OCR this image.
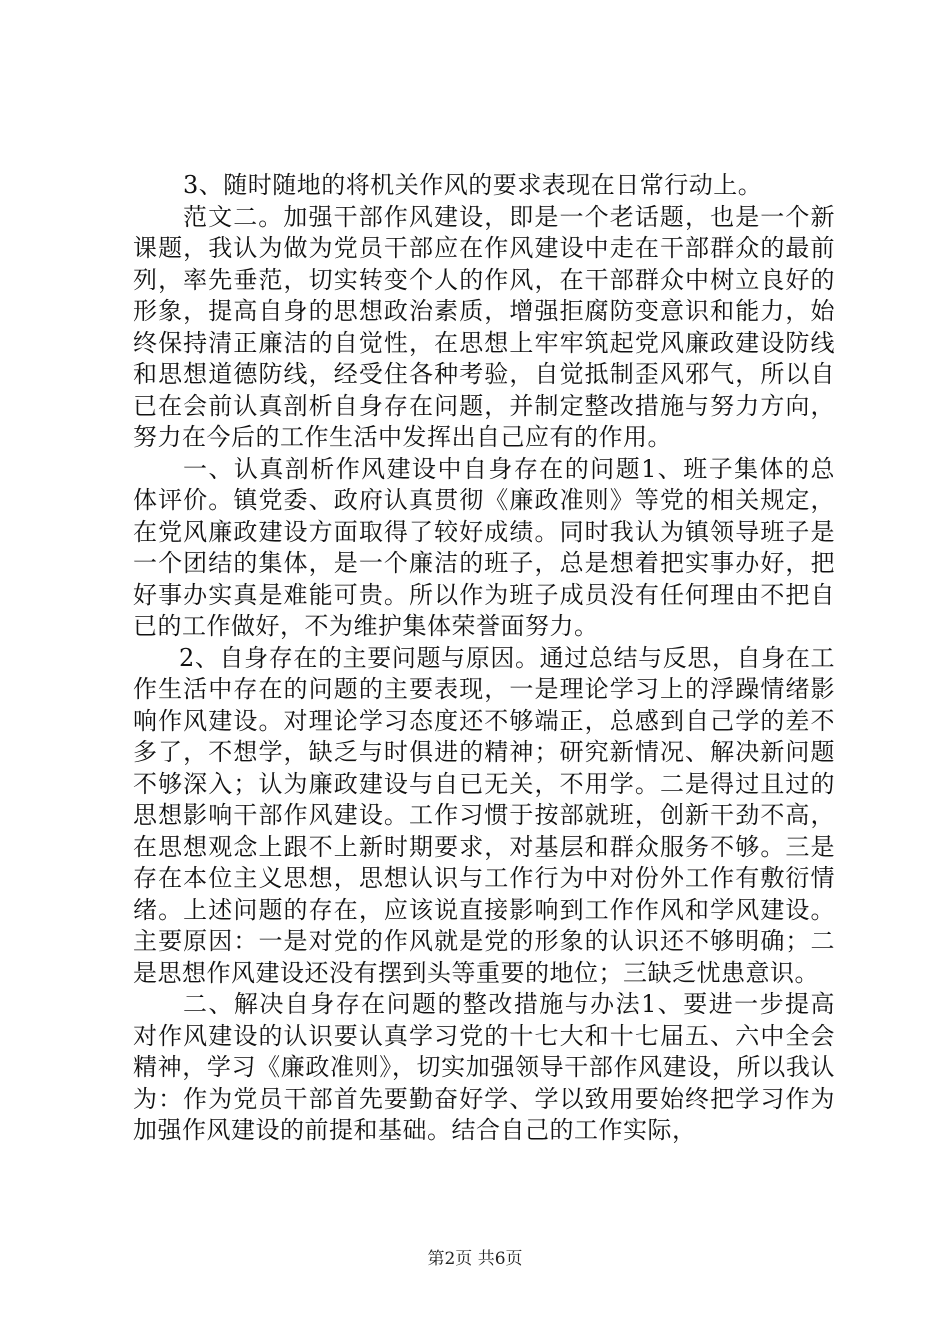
3、随时随地的将机关作风的要求表现在日常行动上。

范文二。加强干部作风建设，即是一个老话题，也是一个新课题，我认为做为党员干部应在作风建设中走在干部群众的最前列，率先垂范，切实转变个人的作风，在干部群众中树立良好的形象，提高自身的思想政治素质，增强拒腐防变意识和能力，始终保持清正廉洁的自觉性，在思想上牢牢筑起党风廉政建设防线和思想道德防线，经受住各种考验，自觉抵制歪风邪气，所以自已在会前认真剖析自身存在问题，并制定整改措施与努力方向，努力在今后的工作生活中发挥出自己应有的作用。

一、认真剖析作风建设中自身存在的问题1、班子集体的总体评价。镇党委、政府认真贯彻《廉政准则》等党的相关规定，在党风廉政建设方面取得了较好成绩。同时我认为镇领导班子是一个团结的集体，是一个廉洁的班子，总是想着把实事办好，把好事办实真是难能可贵。所以作为班子成员没有任何理由不把自已的工作做好，不为维护集体荣誉面努力。

2、自身存在的主要问题与原因。通过总结与反思，自身在工作生活中存在的问题的主要表现，一是理论学习上的浮躁情绪影响作风建设。对理论学习态度还不够端正，总感到自己学的差不多了，不想学，缺乏与时俱进的精神；研究新情况、解决新问题不够深入；认为廉政建设与自已无关，不用学。二是得过且过的思想影响干部作风建设。工作习惯于按部就班，创新干劲不高，在思想观念上跟不上新时期要求，对基层和群众服务不够。三是存在本位主义思想，思想认识与工作行为中对份外工作有敷衍情绪。上述问题的存在，应该说直接影响到工作作风和学风建设。主要原因：一是对党的作风就是党的形象的认识还不够明确；二是思想作风建设还没有摆到头等重要的地位；三缺乏忧患意识。

二、解决自身存在问题的整改措施与办法1、要进一步提高对作风建设的认识要认真学习党的十七大和十七届五、六中全会精神，学习《廉政准则》，切实加强领导干部作风建设，所以我认为：作为党员干部首先要勤奋好学、学以致用要始终把学习作为加强作风建设的前提和基础。结合自己的工作实际，

第2页 共6页
